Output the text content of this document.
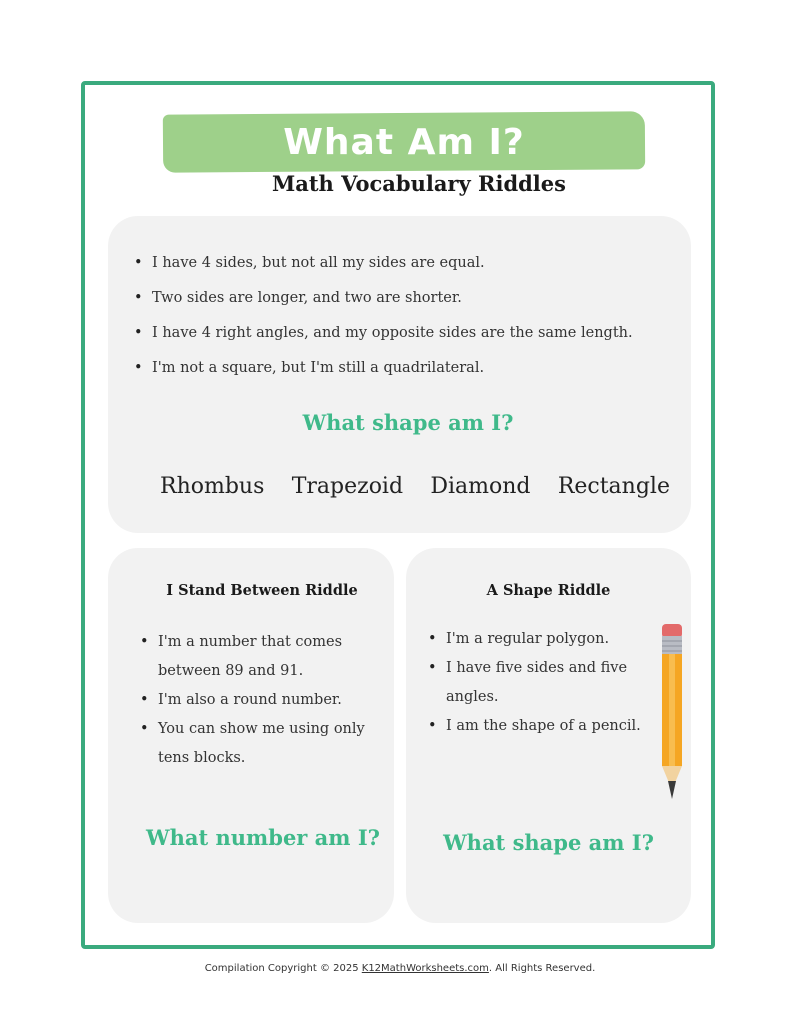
What Am I?
Math Vocabulary Riddles
• I have 4 sides, but not all my sides are equal.
• Two sides are longer, and two are shorter.
• I have 4 right angles, and my opposite sides are the same length.
• I'm not a square, but I'm still a quadrilateral.
What shape am I?
Rhombus Trapezoid Diamond Rectangle
I Stand Between Riddle
• I'm a number that comes between 89 and 91.
• I'm also a round number.
• You can show me using only tens blocks.
What number am I?
A Shape Riddle
• I'm a regular polygon.
• I have five sides and five angles.
• I am the shape of a pencil.
What shape am I?
Compilation Copyright © 2025 K12MathWorksheets.com. All Rights Reserved.
